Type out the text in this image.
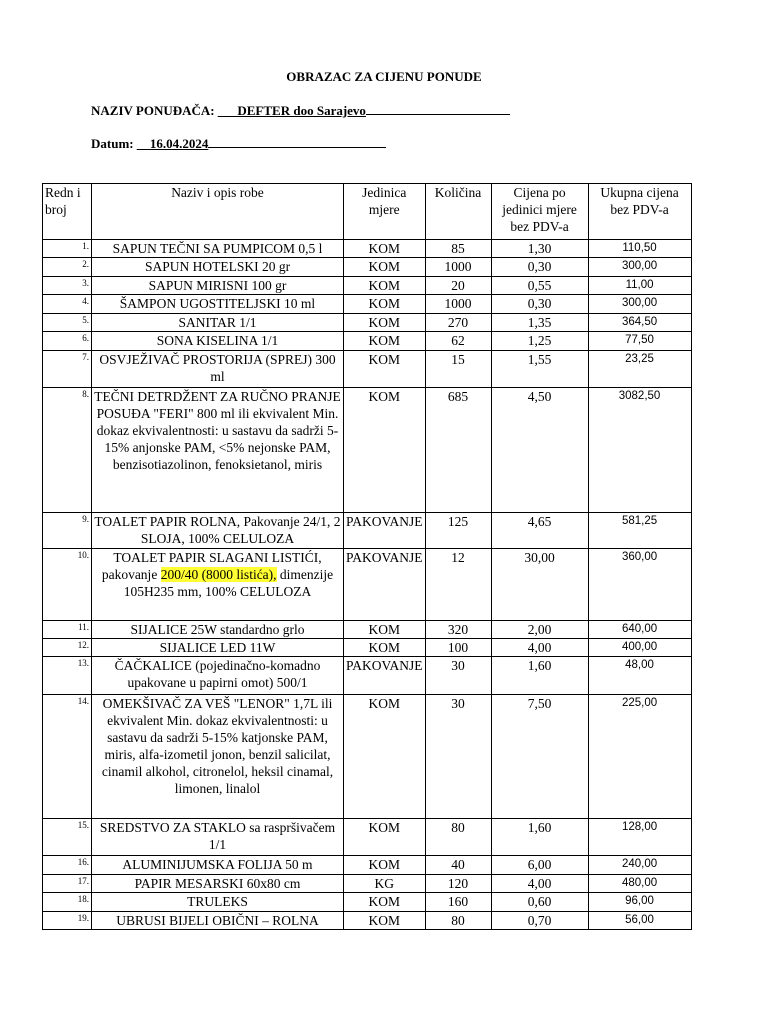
OBRAZAC ZA CIJENU PONUDE
NAZIV PONUĐAČA: ___DEFTER doo Sarajevo
Datum: __16.04.2024
Redn i broj	Naziv i opis robe	Jedinica mjere	Količina	Cijena po jedinici mjere bez PDV-a	Ukupna cijena bez PDV-a
1.	SAPUN TEČNI SA PUMPICOM 0,5 l	KOM	85	1,30	110,50
2.	SAPUN HOTELSKI 20 gr	KOM	1000	0,30	300,00
3.	SAPUN MIRISNI 100 gr	KOM	20	0,55	11,00
4.	ŠAMPON UGOSTITELJSKI 10 ml	KOM	1000	0,30	300,00
5.	SANITAR 1/1	KOM	270	1,35	364,50
6.	SONA KISELINA 1/1	KOM	62	1,25	77,50
7.	OSVJEŽIVAČ PROSTORIJA (SPREJ) 300 ml	KOM	15	1,55	23,25
8.	TEČNI DETRDŽENT ZA RUČNO PRANJE POSUĐA "FERI" 800 ml ili ekvivalent Min. dokaz ekvivalentnosti: u sastavu da sadrži 5-15% anjonske PAM, <5% nejonske PAM, benzisotiazolinon, fenoksietanol, miris	KOM	685	4,50	3082,50
9.	TOALET PAPIR ROLNA, Pakovanje 24/1, 2 SLOJA, 100% CELULOZA	PAKOVANJE	125	4,65	581,25
10.	TOALET PAPIR SLAGANI LISTIĆI, pakovanje 200/40 (8000 listića), dimenzije 105H235 mm, 100% CELULOZA	PAKOVANJE	12	30,00	360,00
11.	SIJALICE 25W standardno grlo	KOM	320	2,00	640,00
12.	SIJALICE LED 11W	KOM	100	4,00	400,00
13.	ČAČKALICE (pojedinačno-komadno upakovane u papirni omot) 500/1	PAKOVANJE	30	1,60	48,00
14.	OMEKŠIVAČ ZA VEŠ "LENOR" 1,7L ili ekvivalent Min. dokaz ekvivalentnosti: u sastavu da sadrži 5-15% katjonske PAM, miris, alfa-izometil jonon, benzil salicilat, cinamil alkohol, citronelol, heksil cinamal, limonen, linalol	KOM	30	7,50	225,00
15.	SREDSTVO ZA STAKLO sa raspršivačem 1/1	KOM	80	1,60	128,00
16.	ALUMINIJUMSKA FOLIJA 50 m	KOM	40	6,00	240,00
17.	PAPIR MESARSKI 60x80 cm	KG	120	4,00	480,00
18.	TRULEKS	KOM	160	0,60	96,00
19.	UBRUSI BIJELI OBIČNI – ROLNA	KOM	80	0,70	56,00
